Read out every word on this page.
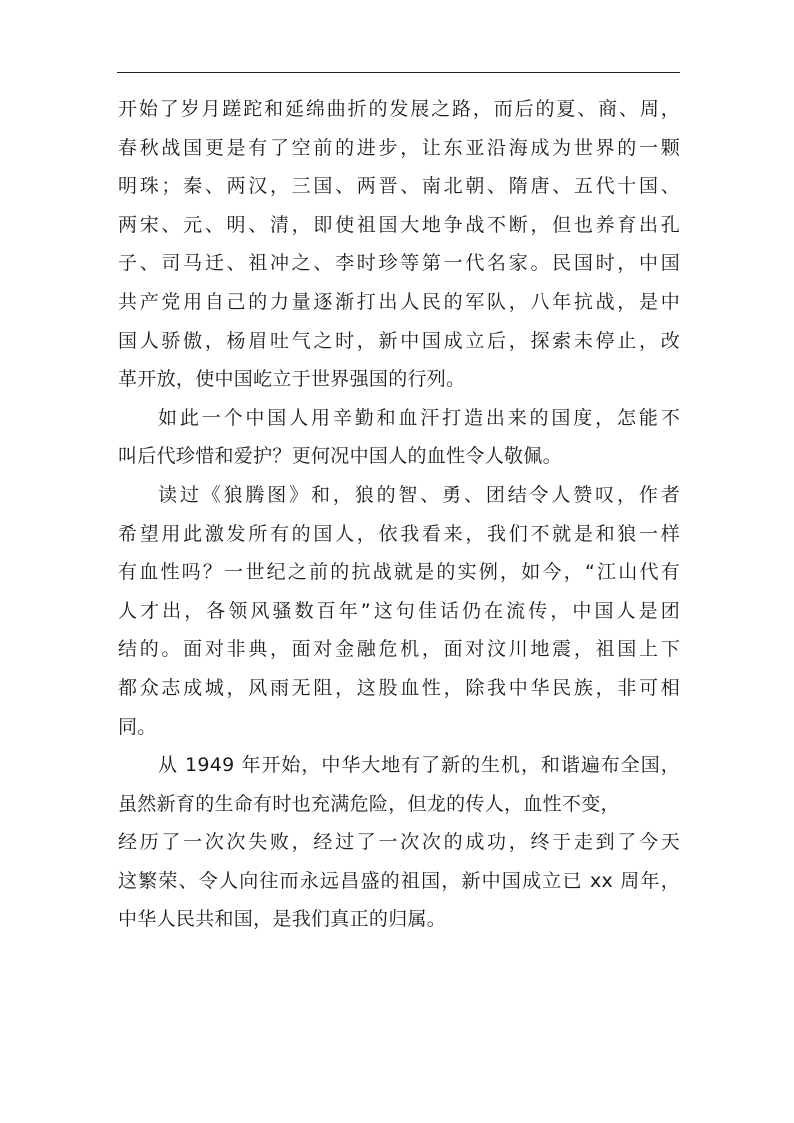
开始了岁月蹉跎和延绵曲折的发展之路，而后的夏、商、周，
春秋战国更是有了空前的进步，让东亚沿海成为世界的一颗
明珠；秦、两汉，三国、两晋、南北朝、隋唐、五代十国、
两宋、元、明、清，即使祖国大地争战不断，但也养育出孔
子、司马迁、祖冲之、李时珍等第一代名家。民国时，中国
共产党用自己的力量逐渐打出人民的军队，八年抗战，是中
国人骄傲，杨眉吐气之时，新中国成立后，探索未停止，改
革开放，使中国屹立于世界强国的行列。
如此一个中国人用辛勤和血汗打造出来的国度，怎能不
叫后代珍惜和爱护？更何况中国人的血性令人敬佩。
读过《狼腾图》和，狼的智、勇、团结令人赞叹，作者
希望用此激发所有的国人，依我看来，我们不就是和狼一样
有血性吗？一世纪之前的抗战就是的实例，如今，“江山代有
人才出，各领风骚数百年”这句佳话仍在流传，中国人是团
结的。面对非典，面对金融危机，面对汶川地震，祖国上下
都众志成城，风雨无阻，这股血性，除我中华民族，非可相
同。
从 1949 年开始，中华大地有了新的生机，和谐遍布全国，
虽然新育的生命有时也充满危险，但龙的传人，血性不变，
经历了一次次失败，经过了一次次的成功，终于走到了今天
这繁荣、令人向往而永远昌盛的祖国，新中国成立已 xx 周年，
中华人民共和国，是我们真正的归属。
